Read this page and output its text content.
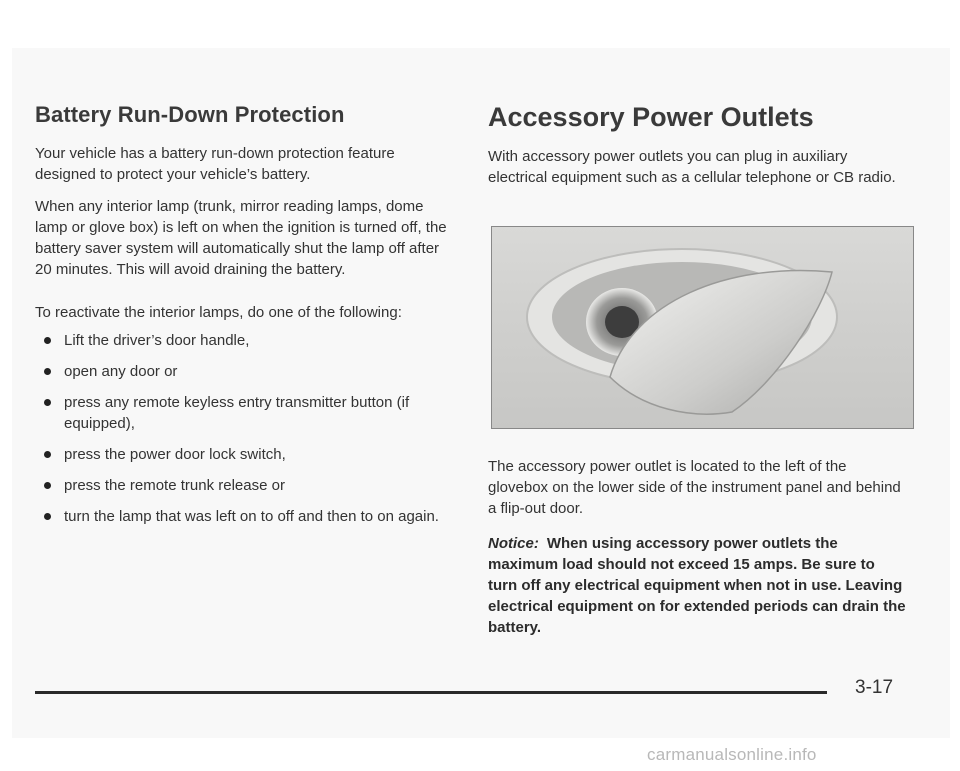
Battery Run-Down Protection

Your vehicle has a battery run-down protection feature designed to protect your vehicle’s battery.

When any interior lamp (trunk, mirror reading lamps, dome lamp or glove box) is left on when the ignition is turned off, the battery saver system will automatically shut the lamp off after 20 minutes. This will avoid draining the battery.

To reactivate the interior lamps, do one of the following:

Lift the driver’s door handle,
open any door or
press any remote keyless entry transmitter button (if equipped),
press the power door lock switch,
press the remote trunk release or
turn the lamp that was left on to off and then to on again.
Accessory Power Outlets

With accessory power outlets you can plug in auxiliary electrical equipment such as a cellular telephone or CB radio.

The accessory power outlet is located to the left of the glovebox on the lower side of the instrument panel and behind a flip-out door.

Notice: When using accessory power outlets the maximum load should not exceed 15 amps. Be sure to turn off any electrical equipment when not in use. Leaving electrical equipment on for extended periods can drain the battery.

3-17
carmanualsonline.info
